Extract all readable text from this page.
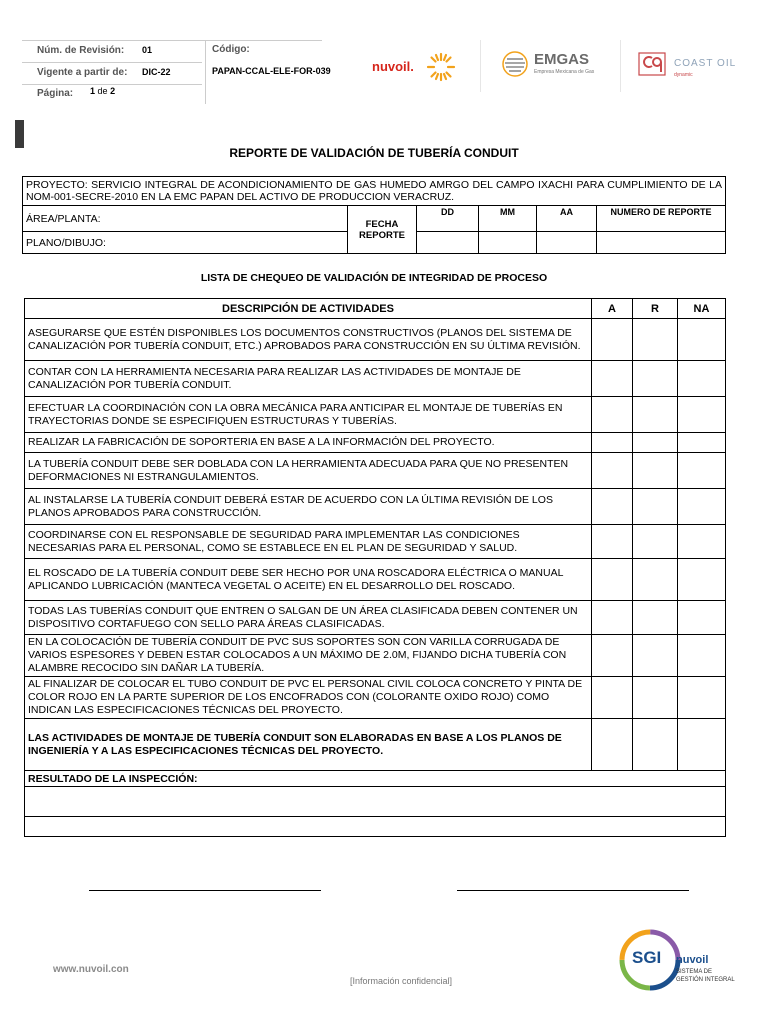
Núm. de Revisión: 01
Vigente a partir de: DIC-22
Página: 1 de 2
Código:
PAPAN-CCAL-ELE-FOR-039	nuvoil.	EMGAS
Empresa Mexicana de Gas
COAST OIL
dynamic
REPORTE DE VALIDACIÓN DE TUBERÍA CONDUIT
PROYECTO: SERVICIO INTEGRAL DE ACONDICIONAMIENTO DE GAS HUMEDO AMRGO DEL CAMPO IXACHI PARA CUMPLIMIENTO DE LA NOM-001-SECRE-2010 EN LA EMC PAPAN DEL ACTIVO DE PRODUCCION VERACRUZ.					
ÁREA/PLANTA:	FECHA REPORTE	DD	MM	AA	NUMERO DE REPORTE
PLANO/DIBUJO:					
LISTA DE CHEQUEO DE VALIDACIÓN DE INTEGRIDAD DE PROCESO
DESCRIPCIÓN DE ACTIVIDADES	A	R	NA
ASEGURARSE QUE ESTÉN DISPONIBLES LOS DOCUMENTOS CONSTRUCTIVOS (PLANOS DEL SISTEMA DE CANALIZACIÓN POR TUBERÍA CONDUIT, ETC.) APROBADOS PARA CONSTRUCCIÓN EN SU ÚLTIMA REVISIÓN.			
CONTAR CON LA HERRAMIENTA NECESARIA PARA REALIZAR LAS ACTIVIDADES DE MONTAJE DE CANALIZACIÓN POR TUBERÍA CONDUIT.			
EFECTUAR LA COORDINACIÓN CON LA OBRA MECÁNICA PARA ANTICIPAR EL MONTAJE DE TUBERÍAS EN TRAYECTORIAS DONDE SE ESPECIFIQUEN ESTRUCTURAS Y TUBERÍAS.			
REALIZAR LA FABRICACIÓN DE SOPORTERIA EN BASE A LA INFORMACIÓN DEL PROYECTO.			
LA TUBERÍA CONDUIT DEBE SER DOBLADA CON LA HERRAMIENTA ADECUADA PARA QUE NO PRESENTEN DEFORMACIONES NI ESTRANGULAMIENTOS.			
AL INSTALARSE LA TUBERÍA CONDUIT DEBERÁ ESTAR DE ACUERDO CON LA ÚLTIMA REVISIÓN DE LOS PLANOS APROBADOS PARA CONSTRUCCIÓN.			
COORDINARSE CON EL RESPONSABLE DE SEGURIDAD PARA IMPLEMENTAR LAS CONDICIONES NECESARIAS PARA EL PERSONAL, COMO SE ESTABLECE EN EL PLAN DE SEGURIDAD Y SALUD.			
EL ROSCADO DE LA TUBERÍA CONDUIT DEBE SER HECHO POR UNA ROSCADORA ELÉCTRICA O MANUAL APLICANDO LUBRICACIÓN (MANTECA VEGETAL O ACEITE) EN EL DESARROLLO DEL ROSCADO.			
TODAS LAS TUBERÍAS CONDUIT QUE ENTREN O SALGAN DE UN ÁREA CLASIFICADA DEBEN CONTENER UN DISPOSITIVO CORTAFUEGO CON SELLO PARA ÁREAS CLASIFICADAS.			
EN LA COLOCACIÓN DE TUBERÍA CONDUIT DE PVC SUS SOPORTES SON CON VARILLA CORRUGADA DE VARIOS ESPESORES Y DEBEN ESTAR COLOCADOS A UN MÁXIMO DE 2.0M, FIJANDO DICHA TUBERÍA CON ALAMBRE RECOCIDO SIN DAÑAR LA TUBERÍA.			
AL FINALIZAR DE COLOCAR EL TUBO CONDUIT DE PVC EL PERSONAL CIVIL COLOCA CONCRETO Y PINTA DE COLOR ROJO EN LA PARTE SUPERIOR DE LOS ENCOFRADOS CON (COLORANTE OXIDO ROJO) COMO INDICAN LAS ESPECIFICACIONES TÉCNICAS DEL PROYECTO.			
LAS ACTIVIDADES DE MONTAJE DE TUBERÍA CONDUIT SON ELABORADAS EN BASE A LOS PLANOS DE INGENIERÍA Y A LAS ESPECIFICACIONES TÉCNICAS DEL PROYECTO.			
RESULTADO DE LA INSPECCIÓN:			

www.nuvoil.con
[Información confidencial]
SGI nuvoil
SISTEMA DE
GESTIÓN INTEGRAL
